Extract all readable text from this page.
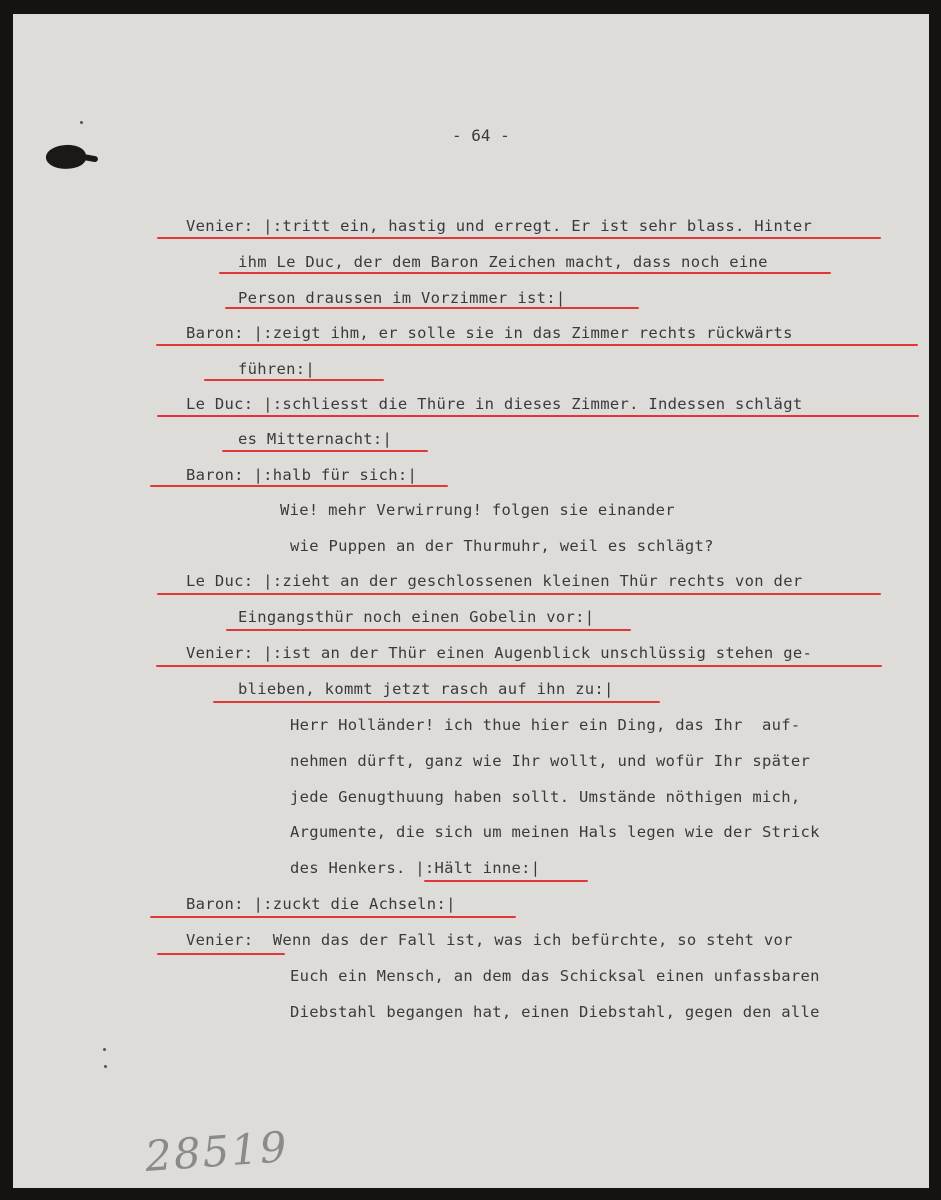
- 64 -
Venier: |:tritt ein, hastig und erregt. Er ist sehr blass. Hinter
ihm Le Duc, der dem Baron Zeichen macht, dass noch eine
Person draussen im Vorzimmer ist:|
Baron: |:zeigt ihm, er solle sie in das Zimmer rechts rückwärts
führen:|
Le Duc: |:schliesst die Thüre in dieses Zimmer. Indessen schlägt
es Mitternacht:|
Baron: |:halb für sich:|
Wie! mehr Verwirrung! folgen sie einander
wie Puppen an der Thurmuhr, weil es schlägt?
Le Duc: |:zieht an der geschlossenen kleinen Thür rechts von der
Eingangsthür noch einen Gobelin vor:|
Venier: |:ist an der Thür einen Augenblick unschlüssig stehen ge-
blieben, kommt jetzt rasch auf ihn zu:|
Herr Holländer! ich thue hier ein Ding, das Ihr  auf-
nehmen dürft, ganz wie Ihr wollt, und wofür Ihr später
jede Genugthuung haben sollt. Umstände nöthigen mich,
Argumente, die sich um meinen Hals legen wie der Strick
des Henkers. |:Hält inne:|
Baron: |:zuckt die Achseln:|
Venier: Wenn das der Fall ist, was ich befürchte, so steht vor
Euch ein Mensch, an dem das Schicksal einen unfassbaren
Diebstahl begangen hat, einen Diebstahl, gegen den alle
28519
